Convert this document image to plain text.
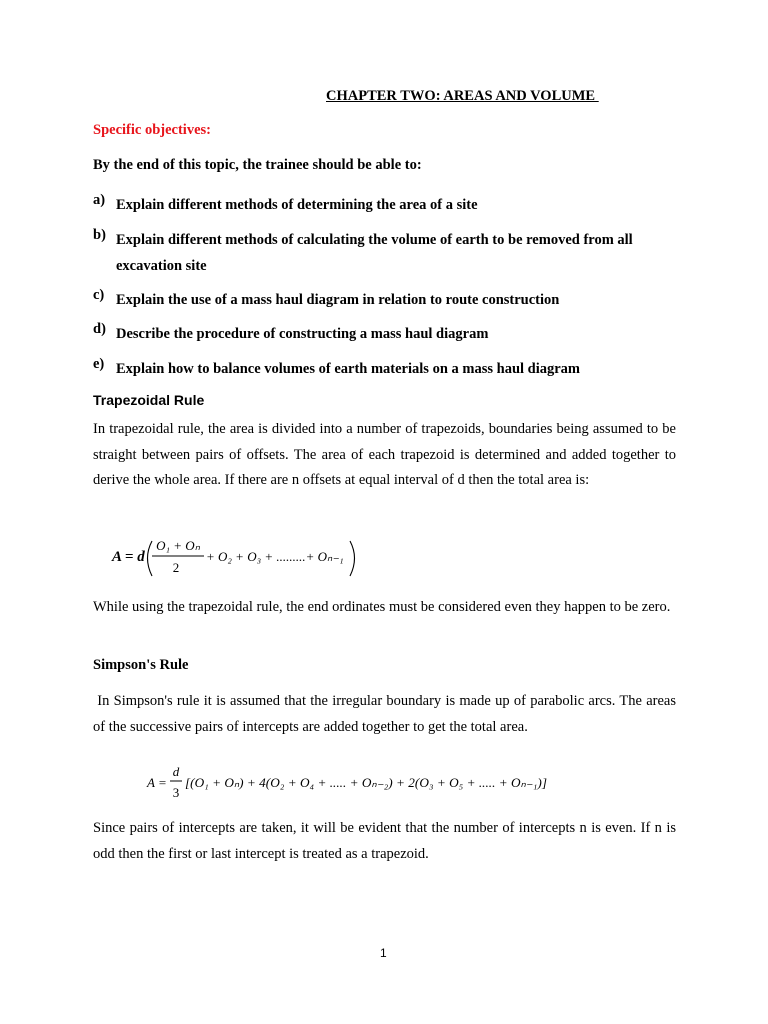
CHAPTER TWO: AREAS AND VOLUME
Specific objectives:
By the end of this topic, the trainee should be able to:
a) Explain different methods of determining the area of a site
b) Explain different methods of calculating the volume of earth to be removed from all excavation site
c) Explain the use of a mass haul diagram in relation to route construction
d) Describe the procedure of constructing a mass haul diagram
e) Explain how to balance volumes of earth materials on a mass haul diagram
Trapezoidal Rule
In trapezoidal rule, the area is divided into a number of trapezoids, boundaries being assumed to be straight between pairs of offsets. The area of each trapezoid is determined and added together to derive the whole area. If there are n offsets at equal interval of d then the total area is:
A = d
O₁ + Oₙ
2
+ O₂ + O₃ + .........+ Oₙ₋₁
While using the trapezoidal rule, the end ordinates must be considered even they happen to be zero.
Simpson's Rule
In Simpson's rule it is assumed that the irregular boundary is made up of parabolic arcs. The areas of the successive pairs of intercepts are added together to get the total area.
A =
d
3
[(O₁ + Oₙ) + 4(O₂ + O₄ + ..... + Oₙ₋₂) + 2(O₃ + O₅ + ..... + Oₙ₋₁)]
Since pairs of intercepts are taken, it will be evident that the number of intercepts n is even. If n is odd then the first or last intercept is treated as a trapezoid.
1
